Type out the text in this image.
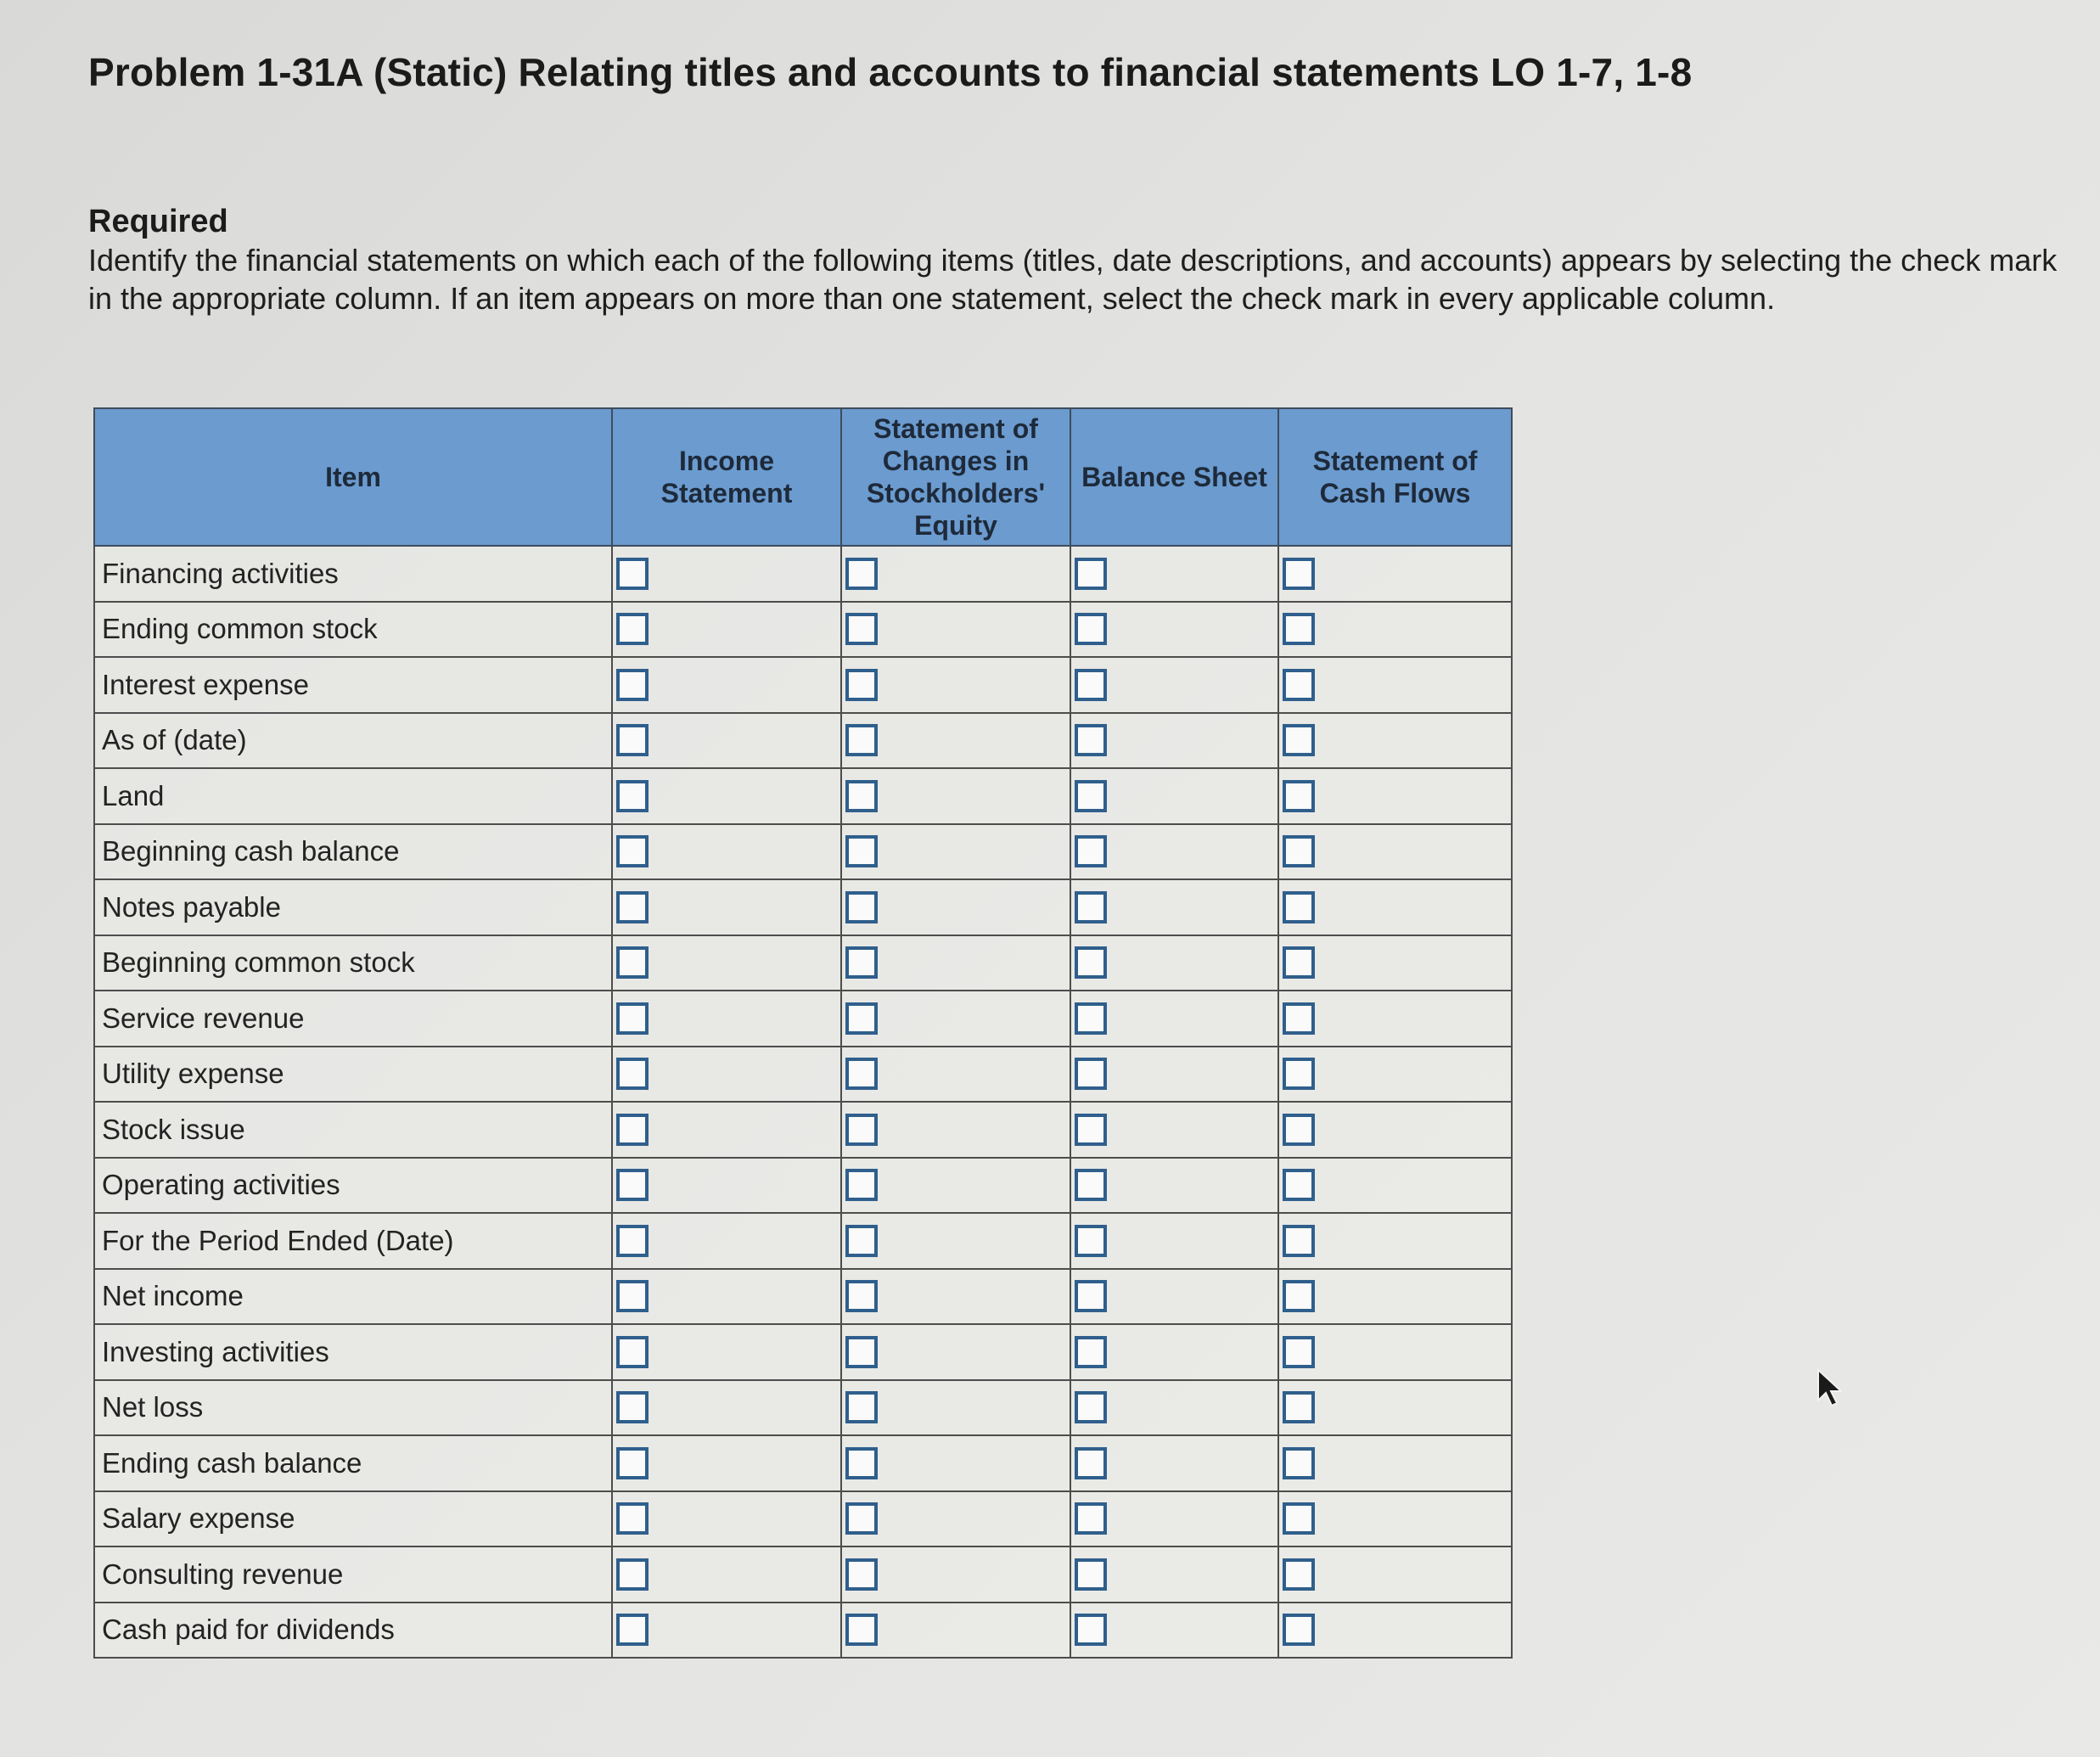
Problem 1-31A (Static) Relating titles and accounts to financial statements LO 1-7, 1-8
Required
Identify the financial statements on which each of the following items (titles, date descriptions, and accounts) appears by selecting the check mark in the appropriate column. If an item appears on more than one statement, select the check mark in every applicable column.
Item	Income Statement	Statement of Changes in Stockholders' Equity	Balance Sheet	Statement of Cash Flows
Financing activities	

Ending common stock	

Interest expense	

As of (date)	

Land	

Beginning cash balance	

Notes payable	

Beginning common stock	

Service revenue	

Utility expense	

Stock issue	

Operating activities	

For the Period Ended (Date)	

Net income	

Investing activities	

Net loss	

Ending cash balance	

Salary expense	

Consulting revenue	

Cash paid for dividends	
